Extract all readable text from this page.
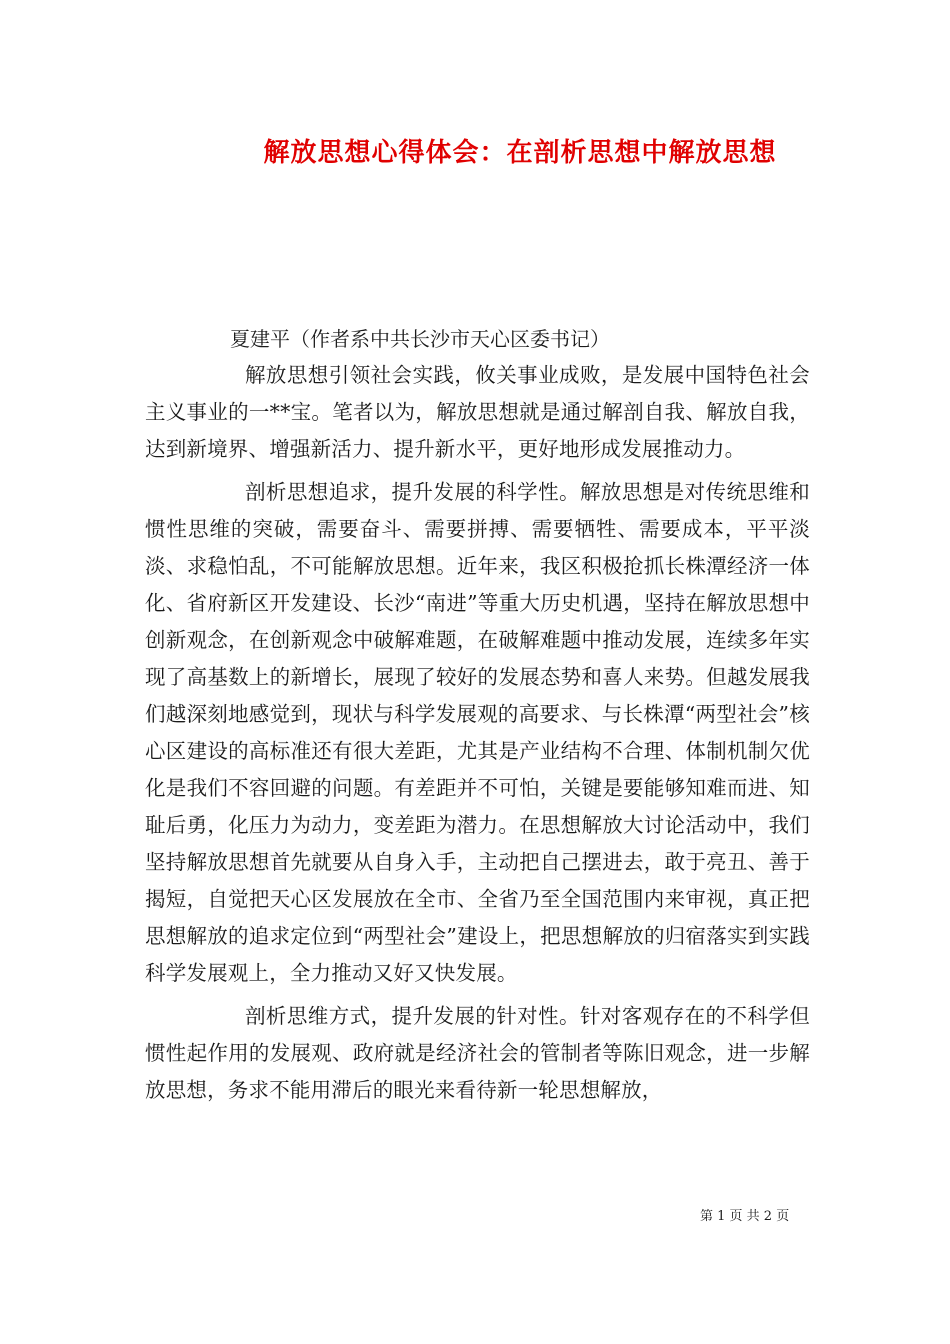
解放思想心得体会：在剖析思想中解放思想

夏建平（作者系中共长沙市天心区委书记）

解放思想引领社会实践，攸关事业成败，是发展中国特色社会主义事业的一**宝。笔者以为，解放思想就是通过解剖自我、解放自我，达到新境界、增强新活力、提升新水平，更好地形成发展推动力。

剖析思想追求，提升发展的科学性。解放思想是对传统思维和惯性思维的突破，需要奋斗、需要拼搏、需要牺牲、需要成本，平平淡淡、求稳怕乱，不可能解放思想。近年来，我区积极抢抓长株潭经济一体化、省府新区开发建设、长沙“南进”等重大历史机遇，坚持在解放思想中创新观念，在创新观念中破解难题，在破解难题中推动发展，连续多年实现了高基数上的新增长，展现了较好的发展态势和喜人来势。但越发展我们越深刻地感觉到，现状与科学发展观的高要求、与长株潭“两型社会”核心区建设的高标准还有很大差距，尤其是产业结构不合理、体制机制欠优化是我们不容回避的问题。有差距并不可怕，关键是要能够知难而进、知耻后勇，化压力为动力，变差距为潜力。在思想解放大讨论活动中，我们坚持解放思想首先就要从自身入手，主动把自己摆进去，敢于亮丑、善于揭短，自觉把天心区发展放在全市、全省乃至全国范围内来审视，真正把思想解放的追求定位到“两型社会”建设上，把思想解放的归宿落实到实践科学发展观上，全力推动又好又快发展。

剖析思维方式，提升发展的针对性。针对客观存在的不科学但惯性起作用的发展观、政府就是经济社会的管制者等陈旧观念，进一步解放思想，务求不能用滞后的眼光来看待新一轮思想解放，

第 1 页 共 2 页
